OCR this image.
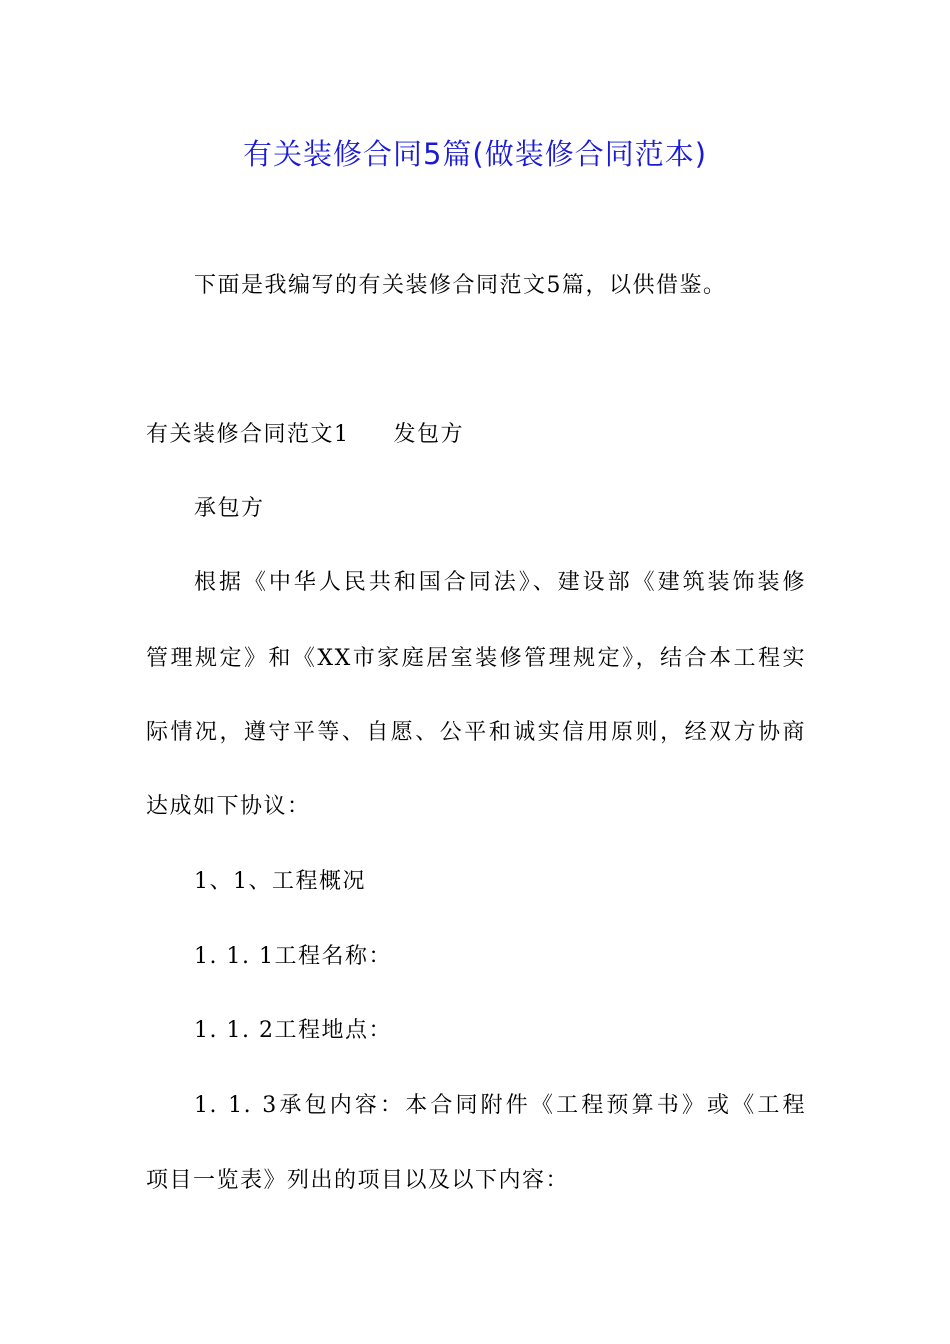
有关装修合同5篇(做装修合同范本)

下面是我编写的有关装修合同范文5篇，以供借鉴。

有关装修合同范文1 发包方

承包方

根据《中华人民共和国合同法》、建设部《建筑装饰装修

管理规定》和《XX市家庭居室装修管理规定》，结合本工程实

际情况，遵守平等、自愿、公平和诚实信用原则，经双方协商

达成如下协议：

1、1、工程概况

1. 1. 1工程名称：

1. 1. 2工程地点：

1. 1. 3承包内容：本合同附件《工程预算书》或《工程

项目一览表》列出的项目以及以下内容：
